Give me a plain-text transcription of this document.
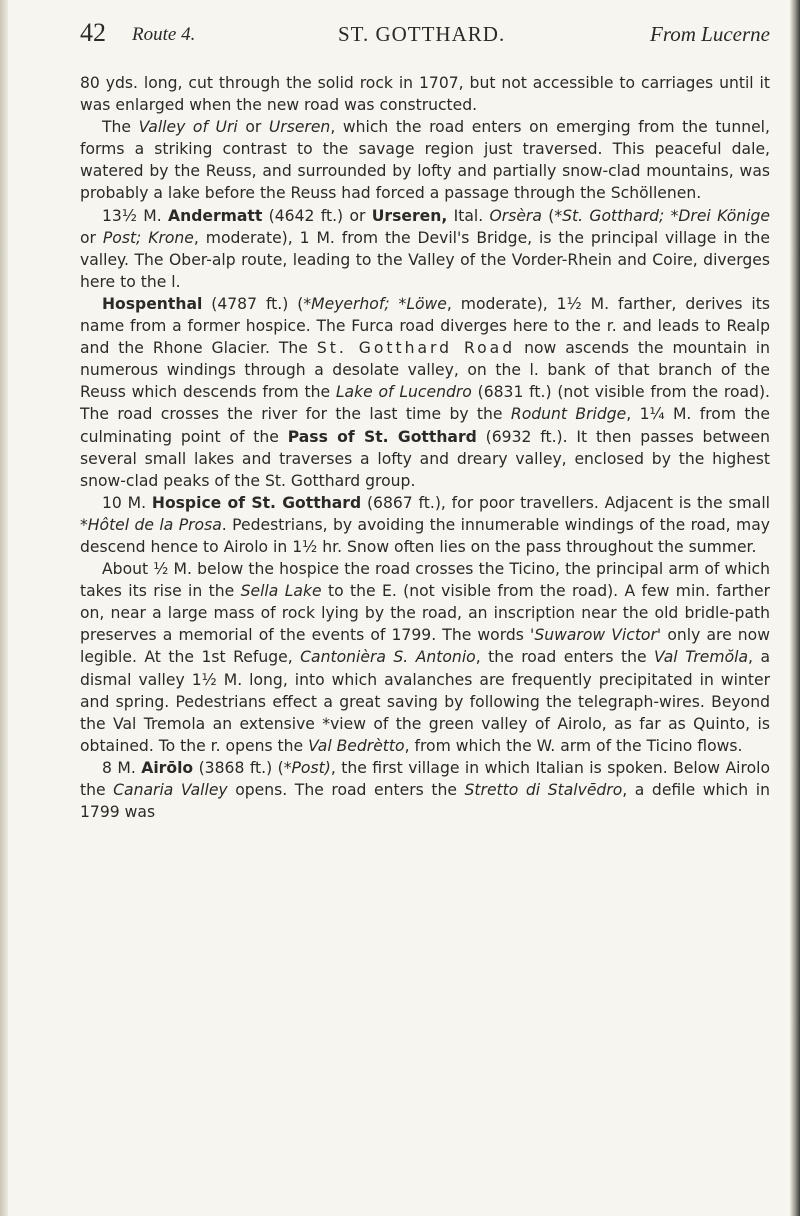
42 Route 4.	ST. GOTTHARD.	From Lucerne

80 yds. long, cut through the solid rock in 1707, but not accessible to carriages until it was enlarged when the new road was constructed.

The Valley of Uri or Urseren, which the road enters on emerging from the tunnel, forms a striking contrast to the savage region just traversed. This peaceful dale, watered by the Reuss, and surrounded by lofty and partially snow-clad mountains, was probably a lake before the Reuss had forced a passage through the Schöllenen.

13½ M. Andermatt (4642 ft.) or Urseren, Ital. Orsèra (*St. Gotthard; *Drei Könige or Post; Krone, moderate), 1 M. from the Devil's Bridge, is the principal village in the valley. The Ober-alp route, leading to the Valley of the Vorder-Rhein and Coire, diverges here to the l.

Hospenthal (4787 ft.) (*Meyerhof; *Löwe, moderate), 1½ M. farther, derives its name from a former hospice. The Furca road diverges here to the r. and leads to Realp and the Rhone Glacier. The St. Gotthard Road now ascends the mountain in numerous windings through a desolate valley, on the l. bank of that branch of the Reuss which descends from the Lake of Lucendro (6831 ft.) (not visible from the road). The road crosses the river for the last time by the Rodunt Bridge, 1¼ M. from the culminating point of the Pass of St. Gotthard (6932 ft.). It then passes between several small lakes and traverses a lofty and dreary valley, enclosed by the highest snow-clad peaks of the St. Gotthard group.

10 M. Hospice of St. Gotthard (6867 ft.), for poor travellers. Adjacent is the small *Hôtel de la Prosa. Pedestrians, by avoiding the innumerable windings of the road, may descend hence to Airolo in 1½ hr. Snow often lies on the pass throughout the summer.

About ½ M. below the hospice the road crosses the Ticino, the principal arm of which takes its rise in the Sella Lake to the E. (not visible from the road). A few min. farther on, near a large mass of rock lying by the road, an inscription near the old bridle-path preserves a memorial of the events of 1799. The words 'Suwarow Victor' only are now legible. At the 1st Refuge, Cantonièra S. Antonio, the road enters the Val Tremŏla, a dismal valley 1½ M. long, into which avalanches are frequently precipitated in winter and spring. Pedestrians effect a great saving by following the telegraph-wires. Beyond the Val Tremola an extensive *view of the green valley of Airolo, as far as Quinto, is obtained. To the r. opens the Val Bedrètto, from which the W. arm of the Ticino flows.

8 M. Airōlo (3868 ft.) (*Post), the first village in which Italian is spoken. Below Airolo the Canaria Valley opens. The road enters the Stretto di Stalvēdro, a defile which in 1799 was
